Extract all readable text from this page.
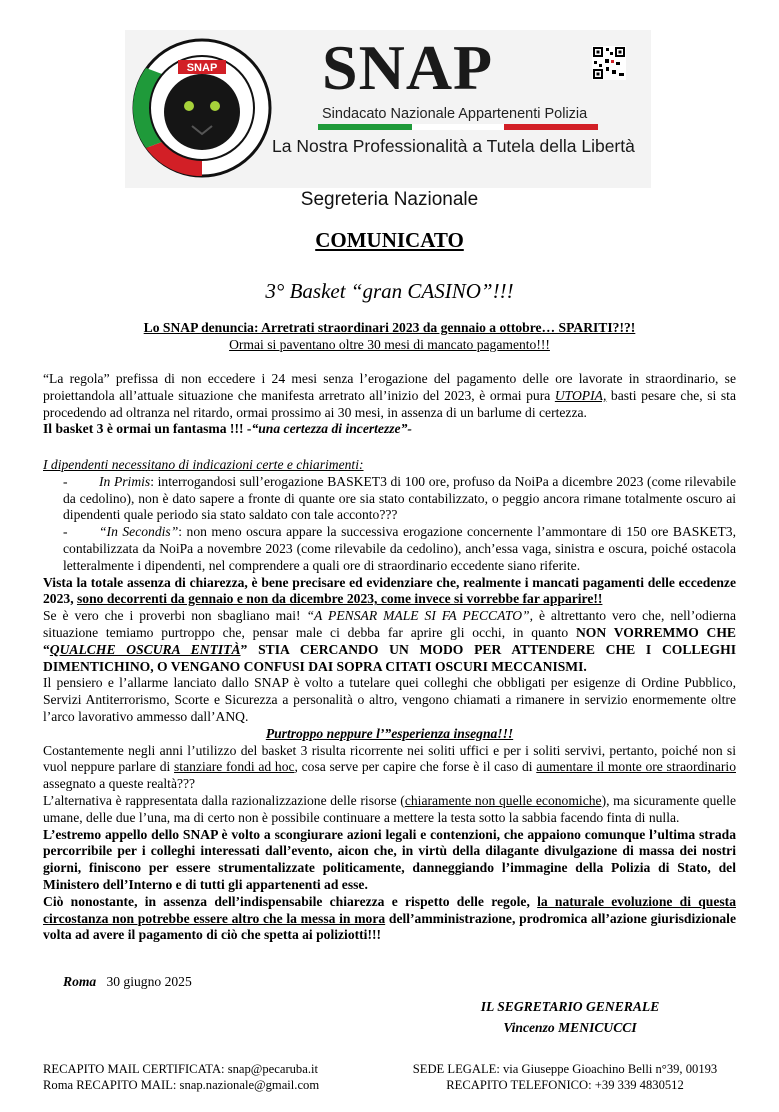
SNAP SNAP
Sindacato Nazionale Appartenenti Polizia
La Nostra Professionalità a Tutela della Libertà
Segreteria Nazionale
COMUNICATO
3° Basket “gran CASINO”!!!
Lo SNAP denuncia: Arretrati straordinari 2023 da gennaio a ottobre… SPARITI?!?!
Ormai si paventano oltre 30 mesi di mancato pagamento!!!

“La regola” prefissa di non eccedere i 24 mesi senza l’erogazione del pagamento delle ore lavorate in straordinario, se proiettandola all’attuale situazione che manifesta arretrato all’inizio del 2023, è ormai pura UTOPIA, basti pesare che, si sta procedendo ad oltranza nel ritardo, ormai prossimo ai 30 mesi, in assenza di un barlume di certezza.

Il basket 3 è ormai un fantasma !!! -“una certezza di incertezze”-

I dipendenti necessitano di indicazioni certe e chiarimenti:

- In Primis: interrogandosi sull’erogazione BASKET3 di 100 ore, profuso da NoiPa a dicembre 2023 (come rilevabile da cedolino), non è dato sapere a fronte di quante ore sia stato contabilizzato, o peggio ancora rimane totalmente oscuro ai dipendenti quale periodo sia stato saldato con tale acconto???

- “In Secondis”: non meno oscura appare la successiva erogazione concernente l’ammontare di 150 ore BASKET3, contabilizzata da NoiPa a novembre 2023 (come rilevabile da cedolino), anch’essa vaga, sinistra e oscura, poiché ostacola letteralmente i dipendenti, nel comprendere a quali ore di straordinario eccedente siano riferite.

Vista la totale assenza di chiarezza, è bene precisare ed evidenziare che, realmente i mancati pagamenti delle eccedenze 2023, sono decorrenti da gennaio e non da dicembre 2023, come invece si vorrebbe far apparire!!

Se è vero che i proverbi non sbagliano mai! “A PENSAR MALE SI FA PECCATO”, è altrettanto vero che, nell’odierna situazione temiamo purtroppo che, pensar male ci debba far aprire gli occhi, in quanto NON VORREMMO CHE “QUALCHE OSCURA ENTITÀ” STIA CERCANDO UN MODO PER ATTENDERE CHE I COLLEGHI DIMENTICHINO, O VENGANO CONFUSI DAI SOPRA CITATI OSCURI MECCANISMI.

Il pensiero e l’allarme lanciato dallo SNAP è volto a tutelare quei colleghi che obbligati per esigenze di Ordine Pubblico, Servizi Antiterrorismo, Scorte e Sicurezza a personalità o altro, vengono chiamati a rimanere in servizio enormemente oltre l’arco lavorativo ammesso dall’ANQ.

Purtroppo neppure l’”esperienza insegna!!!

Costantemente negli anni l’utilizzo del basket 3 risulta ricorrente nei soliti uffici e per i soliti servivi, pertanto, poiché non si vuol neppure parlare di stanziare fondi ad hoc, cosa serve per capire che forse è il caso di aumentare il monte ore straordinario assegnato a queste realtà???

L’alternativa è rappresentata dalla razionalizzazione delle risorse (chiaramente non quelle economiche), ma sicuramente quelle umane, delle due l’una, ma di certo non è possibile continuare a mettere la testa sotto la sabbia facendo finta di nulla.

L’estremo appello dello SNAP è volto a scongiurare azioni legali e contenzioni, che appaiono comunque l’ultima strada percorribile per i colleghi interessati dall’evento, aicon che, in virtù della dilagante divulgazione di massa dei nostri giorni, finiscono per essere strumentalizzate politicamente, danneggiando l’immagine della Polizia di Stato, del Ministero dell’Interno e di tutti gli appartenenti ad esse.

Ciò nonostante, in assenza dell’indispensabile chiarezza e rispetto delle regole, la naturale evoluzione di questa circostanza non potrebbe essere altro che la messa in mora dell’amministrazione, prodromica all’azione giurisdizionale volta ad avere il pagamento di ciò che spetta ai poliziotti!!!

Roma 30 giugno 2025
IL SEGRETARIO GENERALE
Vincenzo MENICUCCI
RECAPITO MAIL CERTIFICATA: snap@pecaruba.it
Roma RECAPITO MAIL: snap.nazionale@gmail.com
SEDE LEGALE: via Giuseppe Gioachino Belli n°39, 00193
RECAPITO TELEFONICO: +39 339 4830512
